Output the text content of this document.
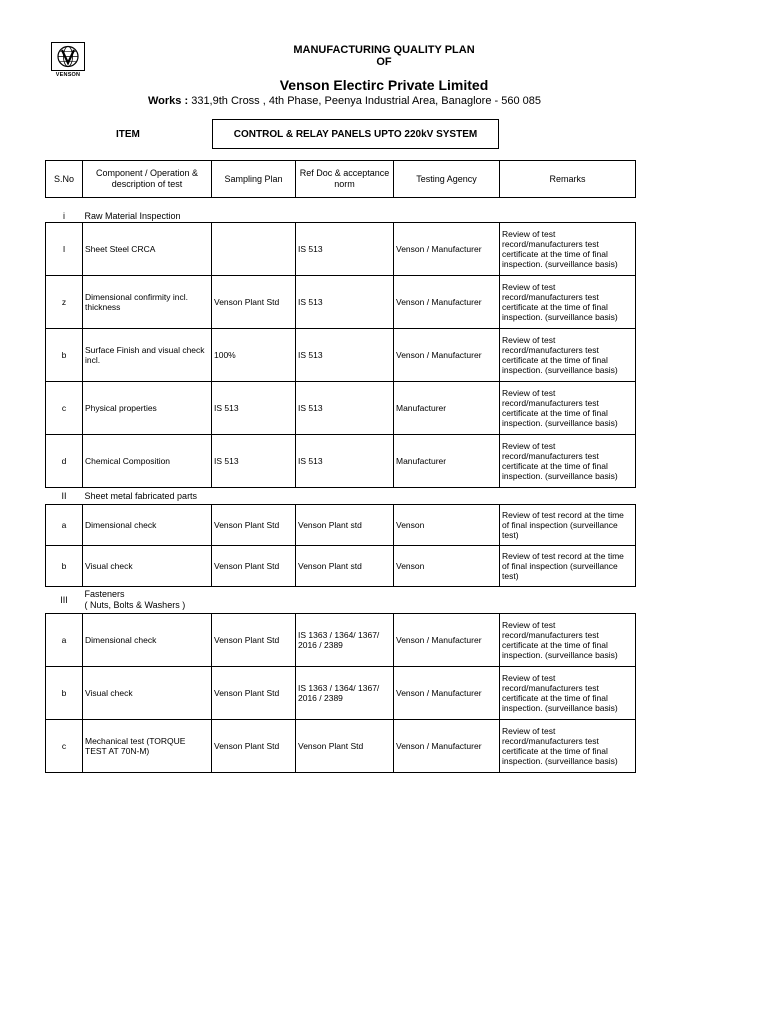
VENSON
MANUFACTURING QUALITY PLAN
OF
Venson Electirc Private Limited
Works : 331,9th Cross , 4th Phase, Peenya Industrial Area, Banaglore - 560 085
ITEM	CONTROL & RELAY PANELS UPTO 220kV SYSTEM
S.No	Component / Operation & description of test	Sampling Plan	Ref Doc & acceptance norm	Testing Agency	Remarks
i	Raw Material Inspection				
I	Sheet Steel CRCA		IS 513	Venson / Manufacturer	Review of test record/manufacturers test certificate at the time of final inspection. (surveillance basis)
z	Dimensional confirmity incl. thickness	Venson Plant Std	IS 513	Venson / Manufacturer	Review of test record/manufacturers test certificate at the time of final inspection. (surveillance basis)
b	Surface Finish and visual check incl.	100%	IS 513	Venson / Manufacturer	Review of test record/manufacturers test certificate at the time of final inspection. (surveillance basis)
c	Physical properties	IS 513	IS 513	Manufacturer	Review of test record/manufacturers test certificate at the time of final inspection. (surveillance basis)
d	Chemical Composition	IS 513	IS 513	Manufacturer	Review of test record/manufacturers test certificate at the time of final inspection. (surveillance basis)
II	Sheet metal fabricated parts				
a	Dimensional check	Venson Plant Std	Venson Plant std	Venson	Review of test record at the time of final inspection (surveillance test)
b	Visual check	Venson Plant Std	Venson Plant std	Venson	Review of test record at the time of final inspection (surveillance test)
III	Fasteners
( Nuts, Bolts & Washers )				

a	Dimensional check	Venson Plant Std	IS 1363 / 1364/ 1367/ 2016 / 2389	Venson / Manufacturer	Review of test record/manufacturers test certificate at the time of final inspection. (surveillance basis)
b	Visual check	Venson Plant Std	IS 1363 / 1364/ 1367/ 2016 / 2389	Venson / Manufacturer	Review of test record/manufacturers test certificate at the time of final inspection. (surveillance basis)
c	Mechanical test (TORQUE TEST AT 70N-M)	Venson Plant Std	Venson Plant Std	Venson / Manufacturer	Review of test record/manufacturers test certificate at the time of final inspection. (surveillance basis)
